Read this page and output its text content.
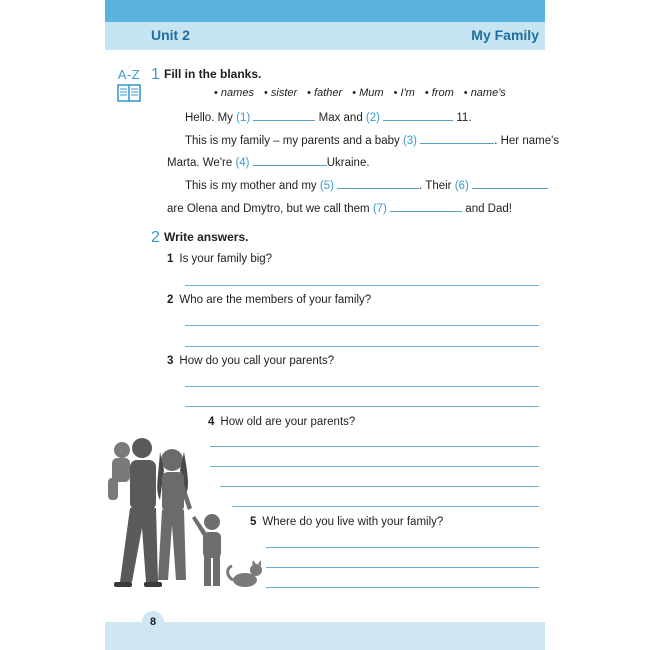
Unit 2	My Family
A-Z 1 Fill in the blanks.
• names	• sister	• father	• Mum	• I'm	• from	• name's
Hello. My (1)	Max and (2)	11.
This is my family – my parents and a baby (3)	. Her name's
Marta. We're (4)	Ukraine.
This is my mother and my (5)	. Their (6)
are Olena and Dmytro, but we call them (7)	and Dad!
2 Write answers.
1 Is your family big?
2 Who are the members of your family?
3 How do you call your parents?
4 How old are your parents?
5 Where do you live with your family?
8
